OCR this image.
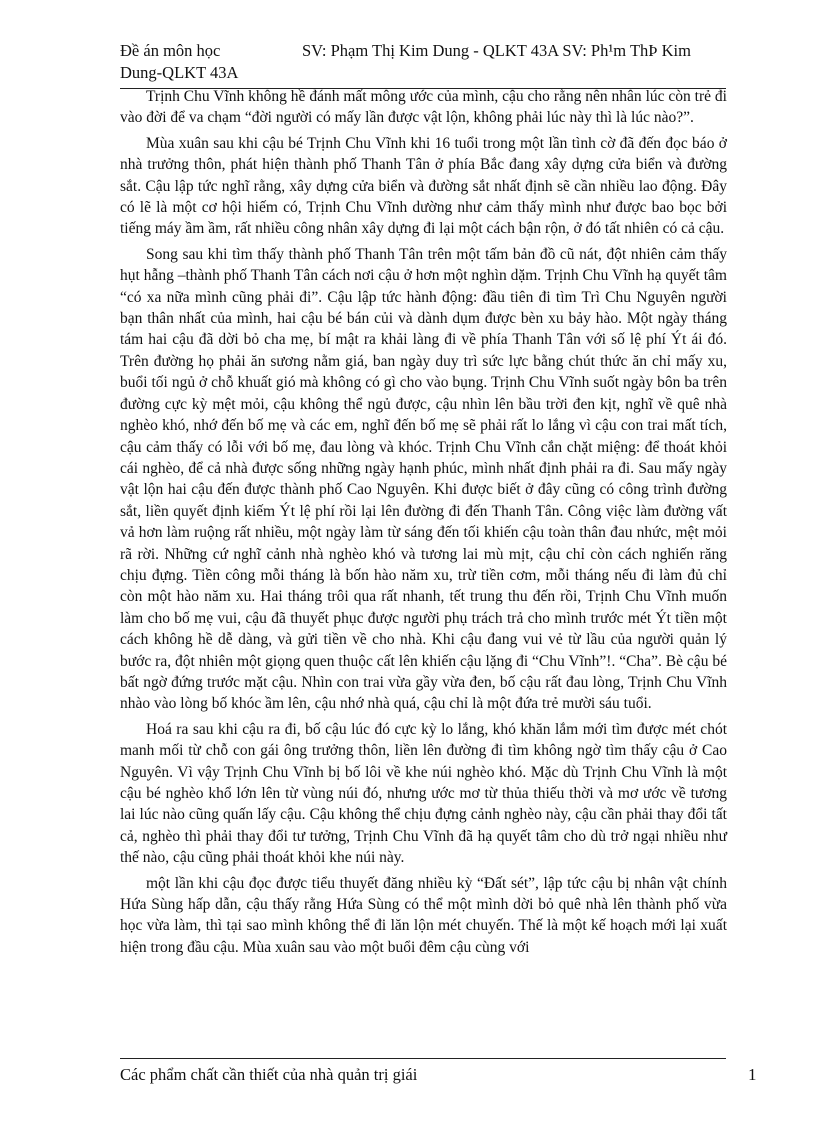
Đề án môn học
Dung-QLKT 43A
SV: Phạm Thị Kim Dung - QLKT 43A SV: Ph¹m ThÞ Kim

Trịnh Chu Vĩnh không hề đánh mất mông ước của mình, cậu cho rằng nên nhân lúc còn trẻ đi vào đời để va chạm “đời người có mấy lần được vật lộn, không phải lúc này thì là lúc nào?”.

Mùa xuân sau khi cậu bé Trịnh Chu Vĩnh khi 16 tuổi trong một lần tình cờ đã đến đọc báo ở nhà trưởng thôn, phát hiện thành phố Thanh Tân ở phía Bắc đang xây dựng cửa biển và đường sắt. Cậu lập tức nghĩ rằng, xây dựng cửa biển và đường sắt nhất định sẽ cần nhiều lao động. Đây có lẽ là một cơ hội hiếm có, Trịnh Chu Vĩnh dường như cảm thấy mình như được bao bọc bởi tiếng máy ầm ầm, rất nhiều công nhân xây dựng đi lại một cách bận rộn, ở đó tất nhiên có cả cậu.

Song sau khi tìm thấy thành phố Thanh Tân trên một tấm bản đồ cũ nát, đột nhiên cảm thấy hụt hẫng –thành phố Thanh Tân cách nơi cậu ở hơn một nghìn dặm. Trịnh Chu Vĩnh hạ quyết tâm “có xa nữa mình cũng phải đi”. Cậu lập tức hành động: đầu tiên đi tìm Trì Chu Nguyên người bạn thân nhất của mình, hai cậu bé bán củi và dành dụm được bèn xu bảy hào. Một ngày tháng tám hai cậu đã dời bỏ cha mẹ, bí mật ra khải làng đi về phía Thanh Tân với số lệ phí Ýt ái đó. Trên đường họ phải ăn sương nằm giá, ban ngày duy trì sức lực bằng chút thức ăn chỉ mấy xu, buổi tối ngủ ở chỗ khuất gió mà không có gì cho vào bụng. Trịnh Chu Vĩnh suốt ngày bôn ba trên đường cực kỳ mệt mỏi, cậu không thể ngủ được, cậu nhìn lên bầu trời đen kịt, nghĩ về quê nhà nghèo khó, nhớ đến bố mẹ và các em, nghĩ đến bố mẹ sẽ phải rất lo lắng vì cậu con trai mất tích, cậu cảm thấy có lỗi với bố mẹ, đau lòng và khóc. Trịnh Chu Vĩnh cắn chặt miệng: để thoát khỏi cái nghèo, để cả nhà được sống những ngày hạnh phúc, mình nhất định phải ra đi. Sau mấy ngày vật lộn hai cậu đến được thành phố Cao Nguyên. Khi được biết ở đây cũng có công trình đường sắt, liền quyết định kiếm Ýt lệ phí rồi lại lên đường đi đến Thanh Tân. Công việc làm đường vất vả hơn làm ruộng rất nhiều, một ngày làm từ sáng đến tối khiến cậu toàn thân đau nhức, mệt mỏi rã rời. Những cứ nghĩ cảnh nhà nghèo khó và tương lai mù mịt, cậu chỉ còn cách nghiến răng chịu đựng. Tiền công mỗi tháng là bốn hào năm xu, trừ tiền cơm, mỗi tháng nếu đi làm đủ chỉ còn một hào năm xu. Hai tháng trôi qua rất nhanh, tết trung thu đến rồi, Trịnh Chu Vĩnh muốn làm cho bố mẹ vui, cậu đã thuyết phục được người phụ trách trả cho mình trước mét Ýt tiền một cách không hề dễ dàng, và gửi tiền về cho nhà. Khi cậu đang vui vẻ từ lầu của người quản lý bước ra, đột nhiên một giọng quen thuộc cất lên khiến cậu lặng đi “Chu Vĩnh”!. “Cha”. Bè cậu bé bất ngờ đứng trước mặt cậu. Nhìn con trai vừa gầy vừa đen, bố cậu rất đau lòng, Trịnh Chu Vĩnh nhào vào lòng bố khóc ầm lên, cậu nhớ nhà quá, cậu chỉ là một đứa trẻ mười sáu tuổi.

Hoá ra sau khi cậu ra đi, bố cậu lúc đó cực kỳ lo lắng, khó khăn lắm mới tìm được mét chót manh mối từ chỗ con gái ông trưởng thôn, liền lên đường đi tìm không ngờ tìm thấy cậu ở Cao Nguyên. Vì vậy Trịnh Chu Vĩnh bị bố lôi về khe núi nghèo khó. Mặc dù Trịnh Chu Vĩnh là một cậu bé nghèo khổ lớn lên từ vùng núi đó, nhưng ước mơ từ thủa thiếu thời và mơ ước về tương lai lúc nào cũng quấn lấy cậu. Cậu không thể chịu đựng cảnh nghèo này, cậu cần phải thay đổi tất cả, nghèo thì phải thay đổi tư tưởng, Trịnh Chu Vĩnh đã hạ quyết tâm cho dù trở ngại nhiều như thế nào, cậu cũng phải thoát khỏi khe núi này.

một lần khi cậu đọc được tiểu thuyết đăng nhiều kỳ “Đất sét”, lập tức cậu bị nhân vật chính Hứa Sùng hấp dẫn, cậu thấy rằng Hứa Sùng có thể một mình dời bỏ quê nhà lên thành phố vừa học vừa làm, thì tại sao mình không thể đi lăn lộn mét chuyến. Thế là một kế hoạch mới lại xuất hiện trong đầu cậu. Mùa xuân sau vào một buổi đêm cậu cùng với

Các phẩm chất cần thiết của nhà quản trị giái	1
